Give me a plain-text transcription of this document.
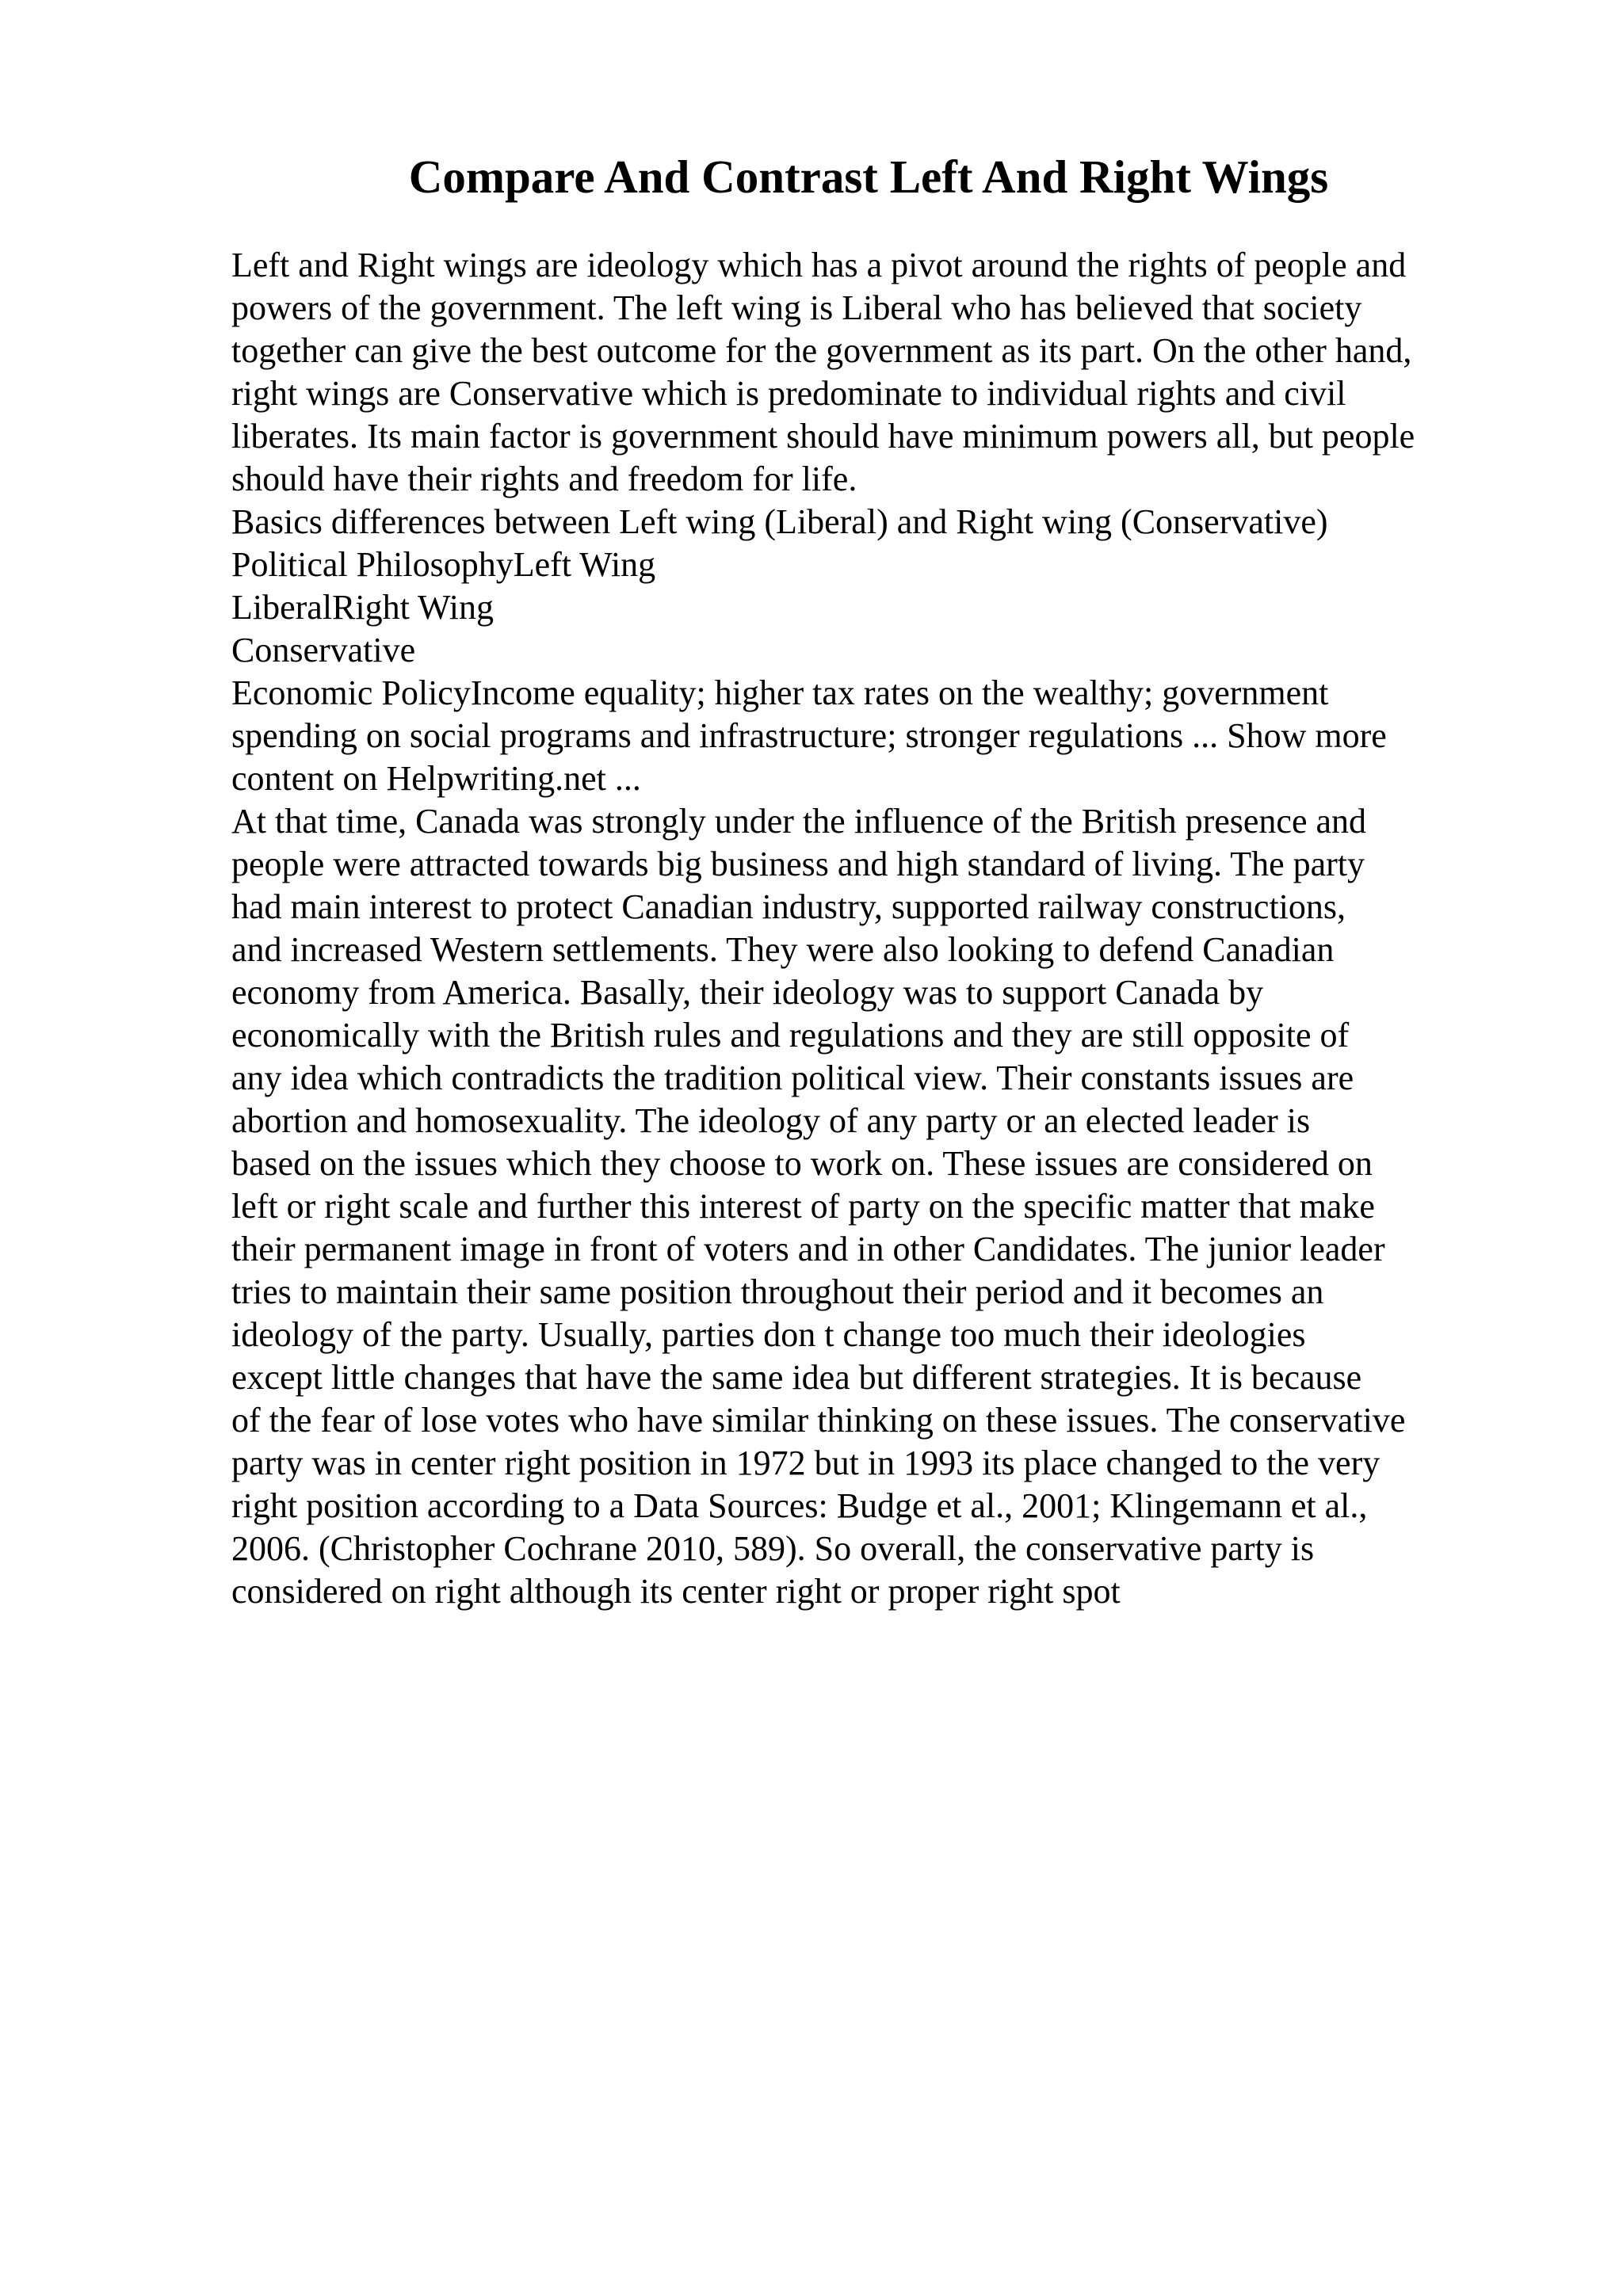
Compare And Contrast Left And Right Wings
Left and Right wings are ideology which has a pivot around the rights of people and
powers of the government. The left wing is Liberal who has believed that society
together can give the best outcome for the government as its part. On the other hand,
right wings are Conservative which is predominate to individual rights and civil
liberates. Its main factor is government should have minimum powers all, but people
should have their rights and freedom for life.
Basics differences between Left wing (Liberal) and Right wing (Conservative)
Political PhilosophyLeft Wing
LiberalRight Wing
Conservative
Economic PolicyIncome equality; higher tax rates on the wealthy; government
spending on social programs and infrastructure; stronger regulations ... Show more
content on Helpwriting.net ...
At that time, Canada was strongly under the influence of the British presence and
people were attracted towards big business and high standard of living. The party
had main interest to protect Canadian industry, supported railway constructions,
and increased Western settlements. They were also looking to defend Canadian
economy from America. Basally, their ideology was to support Canada by
economically with the British rules and regulations and they are still opposite of
any idea which contradicts the tradition political view. Their constants issues are
abortion and homosexuality. The ideology of any party or an elected leader is
based on the issues which they choose to work on. These issues are considered on
left or right scale and further this interest of party on the specific matter that make
their permanent image in front of voters and in other Candidates. The junior leader
tries to maintain their same position throughout their period and it becomes an
ideology of the party. Usually, parties don t change too much their ideologies
except little changes that have the same idea but different strategies. It is because
of the fear of lose votes who have similar thinking on these issues. The conservative
party was in center right position in 1972 but in 1993 its place changed to the very
right position according to a Data Sources: Budge et al., 2001; Klingemann et al.,
2006. (Christopher Cochrane 2010, 589). So overall, the conservative party is
considered on right although its center right or proper right spot
